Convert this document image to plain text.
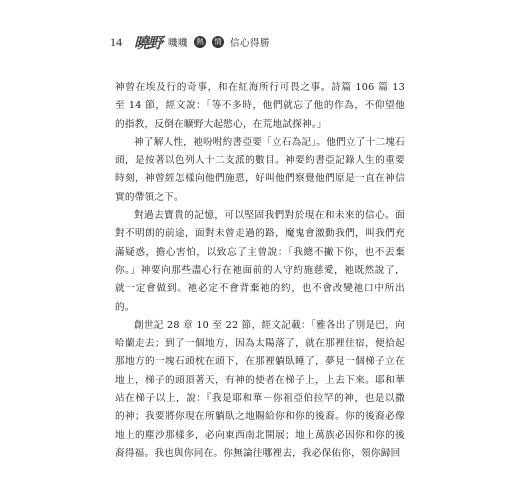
14 曉野 嘰嘰	熱	情 信心得勝

神曾在埃及行的奇事，和在紅海所行可畏之事。詩篇 106 篇 13 至 14 節，經文說：「等不多時，他們就忘了他的作為，不仰望他的指教，反倒在曠野大起慾心，在荒地試探神。」

神了解人性，祂吩咐約書亞要「立石為記」。他們立了十二塊石頭，是按著以色列人十二支派的數目。神要約書亞記錄人生的重要時刻，神曾經怎樣向他們施恩，好叫他們察覺他們原是一直在神信實的帶領之下。

對過去寶貴的記憶，可以堅固我們對於現在和未來的信心。面對不明朗的前途，面對未曾走過的路，魔鬼會激動我們，叫我們充滿疑惑，擔心害怕，以致忘了主曾說：「我總不撇下你，也不丟棄你。」神要向那些盡心行在祂面前的人守約施慈愛，祂既然說了，就一定會做到。祂必定不會背棄祂的約，也不會改變祂口中所出的。

創世記 28 章 10 至 22 節，經文記載：「雅各出了別是巴，向哈蘭走去；到了一個地方，因為太陽落了，就在那裡住宿，便拾起那地方的一塊石頭枕在頭下，在那裡躺臥睡了，夢見一個梯子立在地上，梯子的頭頂著天，有神的使者在梯子上，上去下來。耶和華站在梯子以上，說：『我是耶和華－你祖亞伯拉罕的神，也是以撒的神；我要將你現在所躺臥之地賜給你和你的後裔。你的後裔必像地上的塵沙那樣多，必向東西南北開展；地上萬族必因你和你的後裔得福。我也與你同在。你無論往哪裡去，我必保佑你，領你歸回
